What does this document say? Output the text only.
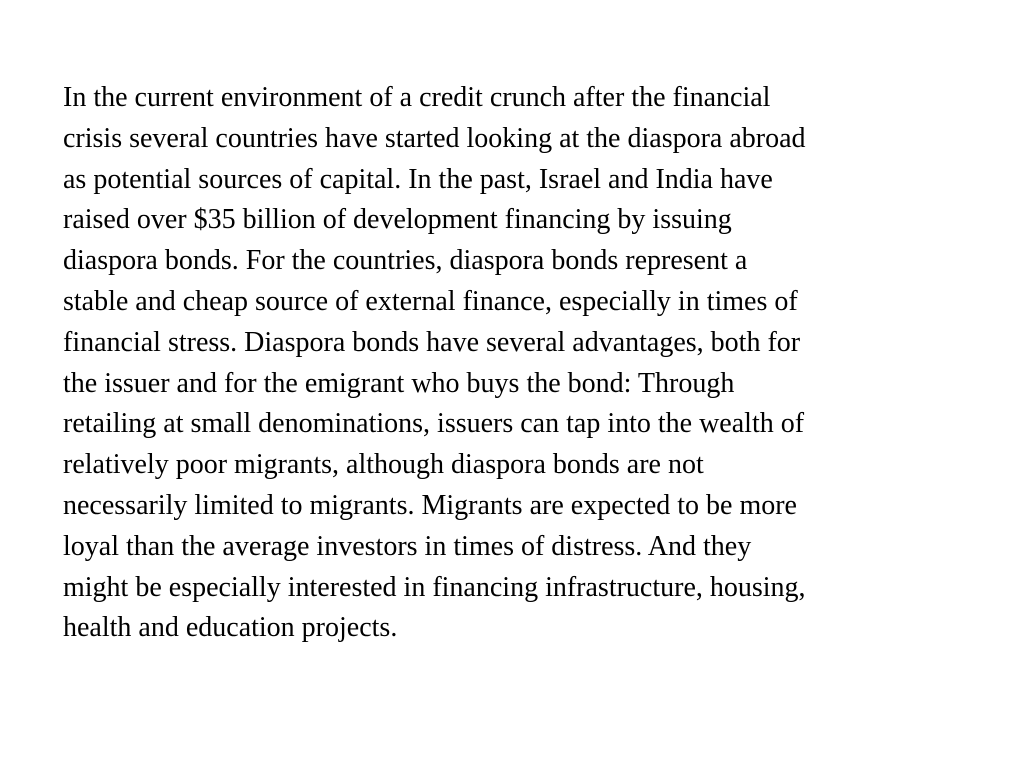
In the current environment of a credit crunch after the financial
crisis several countries have started looking at the diaspora abroad
as potential sources of capital. In the past, Israel and India have
raised over $35 billion of development financing by issuing
diaspora bonds. For the countries, diaspora bonds represent a
stable and cheap source of external finance, especially in times of
financial stress. Diaspora bonds have several advantages, both for
the issuer and for the emigrant who buys the bond: Through
retailing at small denominations, issuers can tap into the wealth of
relatively poor migrants, although diaspora bonds are not
necessarily limited to migrants. Migrants are expected to be more
loyal than the average investors in times of distress. And they
might be especially interested in financing infrastructure, housing,
health and education projects.
